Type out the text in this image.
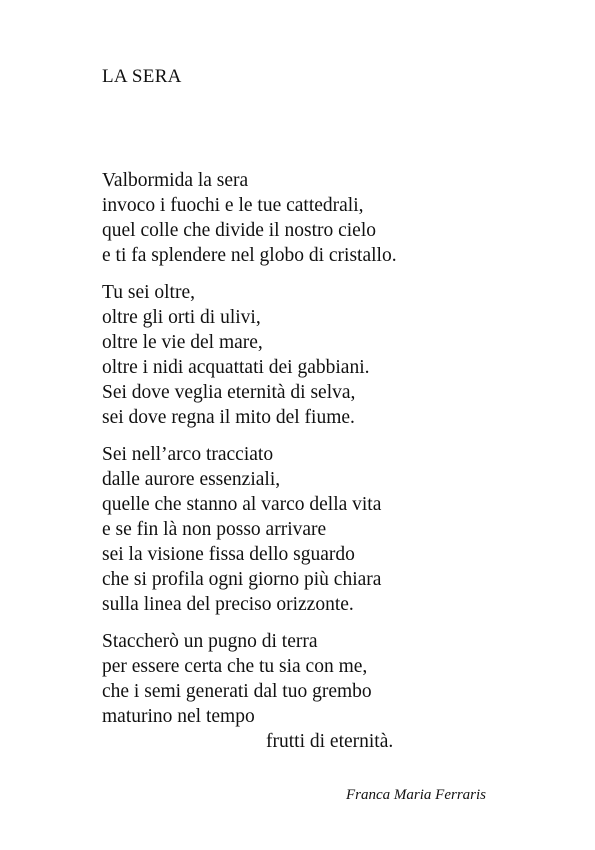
LA SERA
Valbormida la sera
invoco i fuochi e le tue cattedrali,
quel colle che divide il nostro cielo
e ti fa splendere nel globo di cristallo.
Tu sei oltre,
oltre gli orti di ulivi,
oltre le vie del mare,
oltre i nidi acquattati dei gabbiani.
Sei dove veglia eternità di selva,
sei dove regna il mito del fiume.
Sei nell’arco tracciato
dalle aurore essenziali,
quelle che stanno al varco della vita
e se fin là non posso arrivare
sei la visione fissa dello sguardo
che si profila ogni giorno più chiara
sulla linea del preciso orizzonte.
Staccherò un pugno di terra
per essere certa che tu sia con me,
che i semi generati dal tuo grembo
maturino nel tempo
frutti di eternità.
Franca Maria Ferraris
